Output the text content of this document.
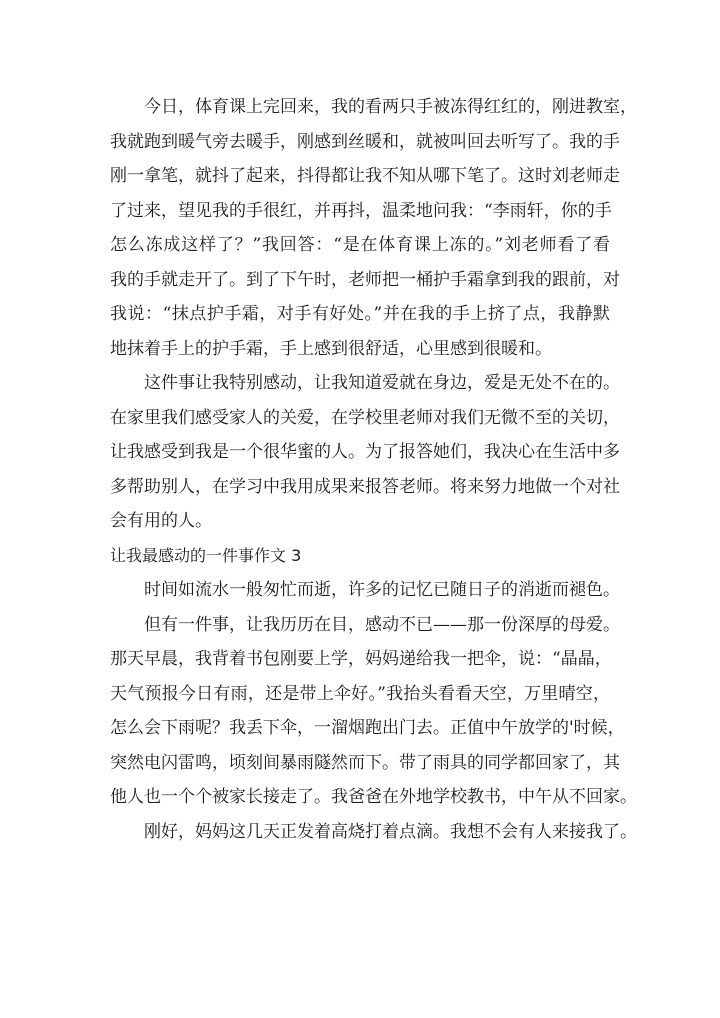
今日，体育课上完回来，我的看两只手被冻得红红的，刚进教室，
我就跑到暖气旁去暖手，刚感到丝暖和，就被叫回去听写了。我的手
刚一拿笔，就抖了起来，抖得都让我不知从哪下笔了。这时刘老师走
了过来，望见我的手很红，并再抖，温柔地问我：“李雨轩，你的手
怎么冻成这样了？”我回答：“是在体育课上冻的。”刘老师看了看
我的手就走开了。到了下午时，老师把一桶护手霜拿到我的跟前，对
我说：“抹点护手霜，对手有好处。”并在我的手上挤了点，我静默
地抹着手上的护手霜，手上感到很舒适，心里感到很暖和。
这件事让我特别感动，让我知道爱就在身边，爱是无处不在的。
在家里我们感受家人的关爱，在学校里老师对我们无微不至的关切，
让我感受到我是一个很华蜜的人。为了报答她们，我决心在生活中多
多帮助别人，在学习中我用成果来报答老师。将来努力地做一个对社
会有用的人。
让我最感动的一件事作文 3
时间如流水一般匆忙而逝，许多的记忆已随日子的消逝而褪色。
但有一件事，让我历历在目，感动不已——那一份深厚的母爱。
那天早晨，我背着书包刚要上学，妈妈递给我一把伞，说：“晶晶，
天气预报今日有雨，还是带上伞好。”我抬头看看天空，万里晴空，
怎么会下雨呢？我丢下伞，一溜烟跑出门去。正值中午放学的'时候，
突然电闪雷鸣，顷刻间暴雨隧然而下。带了雨具的同学都回家了，其
他人也一个个被家长接走了。我爸爸在外地学校教书，中午从不回家。
刚好，妈妈这几天正发着高烧打着点滴。我想不会有人来接我了。
